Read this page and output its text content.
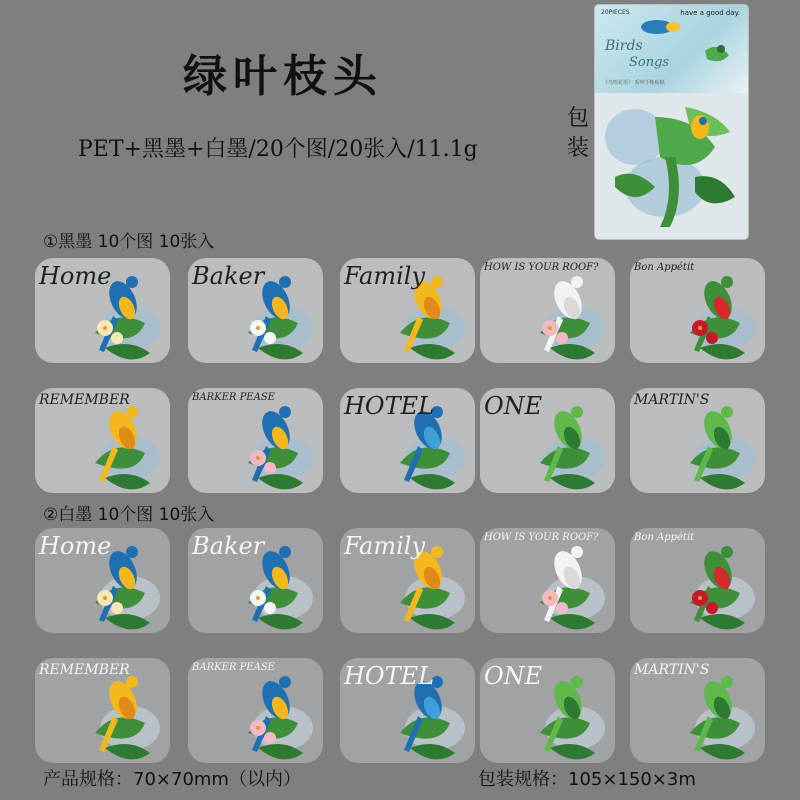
绿叶枝头
PET+黑墨+白墨/20个图/20张入/11.1g
包装
20PIECES	have a good day.
Birds
Songs
《鸟鸣花语》 系列手帐贴纸
①黑墨 10个图 10张入
②白墨 10个图 10张入
Home	Baker	Family	HOW IS YOUR ROOF?	Bon Appétit
REMEMBER	BARKER PEASE	HOTEL ONE	MARTIN'S
Home	Baker	Family	HOW IS YOUR ROOF?	Bon Appétit
REMEMBER	BARKER PEASE	HOTEL ONE	MARTIN'S
产品规格：70×70mm（以内）	包装规格：105×150×3m
